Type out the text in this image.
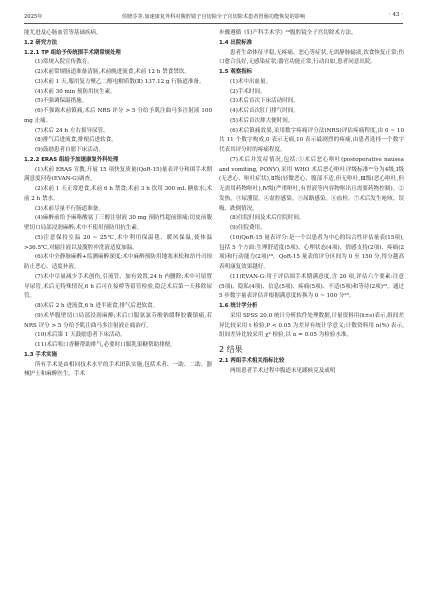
2025年	侯晓芬等.加速康复外科对腹腔镜子宫切除全子宫切除术患者胃肠功能恢复的影响	· 43 ·

能尤进及心肠血管等基础疾病。

1.2 研究方法

1.2.1 TP 组给予传统围手术期常规处理

(1)常规入院宣传教育。

(2)术前常规肠道准备清肠,术前晚进流食,术前 12 h 禁食禁饮。

(3)术前 1 天,服用复方聚乙二醇电解质散(Ⅱ) 137.12 g 行肠道准备。

(4)术前 30 min 预防用抗生素。

(5)不强调保温措施。

(6)不强调术前镇痛,术后 NRS 评分 > 5 分给予肌注曲马多注射液 100 mg 止痛。

(7)术后 24 h 左右拔导尿管。

(8)排气后进流食,排便后进软食。

(9)鼓励患者自愿下床活动。

1.2.2 ERAS 组给予加速康复外科处理

(1)术前 ERAS 宣教,开展 15 项快复质量(QoR-15)量表评分和围手术期满意度问卷(EVAN-G)调查。

(2)术前 1 天正常进食,术前 6 h 禁食;术前 3 h 饮用 300 mL 糖盐水;术前 2 h 禁水。

(3)术前尽量不行肠道准备。

(4)麻醉前给予麻咯酸氨丁三醇注射液 30 mg 预防性超前镇痛;切皮前腹壁切口局部浸润麻醉;术中不使用预防用抗生素。

(5)注意保持室温 20 ~ 25℃,术中利用保温毯、暖风保温,使体温>36.5℃,对输注液以及腹腔冲洗液适度加温。

(6)术中全静脉麻醉+监测麻醉深度;术中麻醉预防用地塞米松和昂丹司琼防止恶心、适度补液。

(7)术中尽量减少手术创伤,引流管、加有效置,24 h 内删除;术中可留置导尿管,术后无特殊情况,6 h 后可在接桥等留管检验,隐泛术后第一天移除尿管。

(8)术后 2 h 进流食,6 h 进半流食,排气后进软食。

(9)术毕腹壁切口局部浸润麻醉;术后口服氨氯芬酚钠缓释胶囊镇痛,若 NRS 评分 > 5 分给予肌注曲马多注射液止痛治疗。

(10)术后第 1 天鼓励患者下床活动。

(11)术后咀口香糖帮助排气,必要时口服乳果糖帮助排便。

1.3 手术实施

所有手术是由相同技术水平的手术团队实施,包括术者、一助、二助、器械护士和麻醉医生。手术

步骤遵循《妇产科手术学》²⁰腹腔镜全子宫切除术方法。

1.4 出院标准

患者生命体征平稳,无疼痛、恶心等症状,无需静脉输液,饮食恢复正常;伤口愈合良好,无感染症状;器官功能正常,行动自如,患者同意出院。

1.5 观察指标

(1)术中出血量。

(2)手术时间。

(3)术后首次下床活动时间。

(4)术后首次肛门排气时间。

(5)术后首次排大便时间。

(6)术后镇痛效果,采用数字疼痛评分法(NRS)评估疼痛程度,由 0 ~ 10 共 11 个数字构成,0 表示无痛,10 表示最剧烈的疼痛,由患者选择一个数字代表其评分时的疼痛程度。

(7)术后并发症情况,包括:①术后恶心呕吐(postoperative nausea and vomiting, PONV),采用 WHO 术后恶心呕吐评级标准²¹分为4级,Ⅰ级(无恶心、呕吐症状),Ⅱ级(轻微恶心、腹部不适,但无呕吐,Ⅲ级(恶心呕吐,但无需用药物呕吐),Ⅳ级(严重呕吐,有胃液等内容物呕出且需要药物控制)。②发热。③尿潴留。④盆腔感染。⑤尿路感染。⑥血栓。⑦术后发生呛咳、误吸、跌倒情况。

(8)住院时间及术后住院时间。

(9)住院费用。

(10)QoR-15 量表评分:是一个以患者为中心的综合性评估量表(15项),包括 5 个方面:生理舒适度(5项)、心理状态(4项)、情感支持(2项)、疼痛(2项)和行动能力(2项)¹⁹。QoR-15 量表的评分区间为 0 至 150 分,得分越高表明康复效果越好。

(11)EVAN-G:用于评估围手术期满意度,含 26 项,评估六个要素:注意(5项)、隐私(4项)、信息(5项)、疼痛(5项)、不适(5项)和等待(2项)²²。通过 5 步数字量表评估并根据满意度转换为 0 ~ 100 分²³。

1.6 统计学分析

采用 SPSS 20.0 统计分析软件处理数据,计量资料用(x̄±s)表示,组间差异比较采用 t 检验,P < 0.05 为差异有统计学意义;计数资料用 n(%) 表示,组间差异比较采用 χ² 检验,以 α = 0.05 为检验水准。

2 结果

2.1 两组手术相关指标比较

两组患者手术过程中腹道未见蹊候克及或明
